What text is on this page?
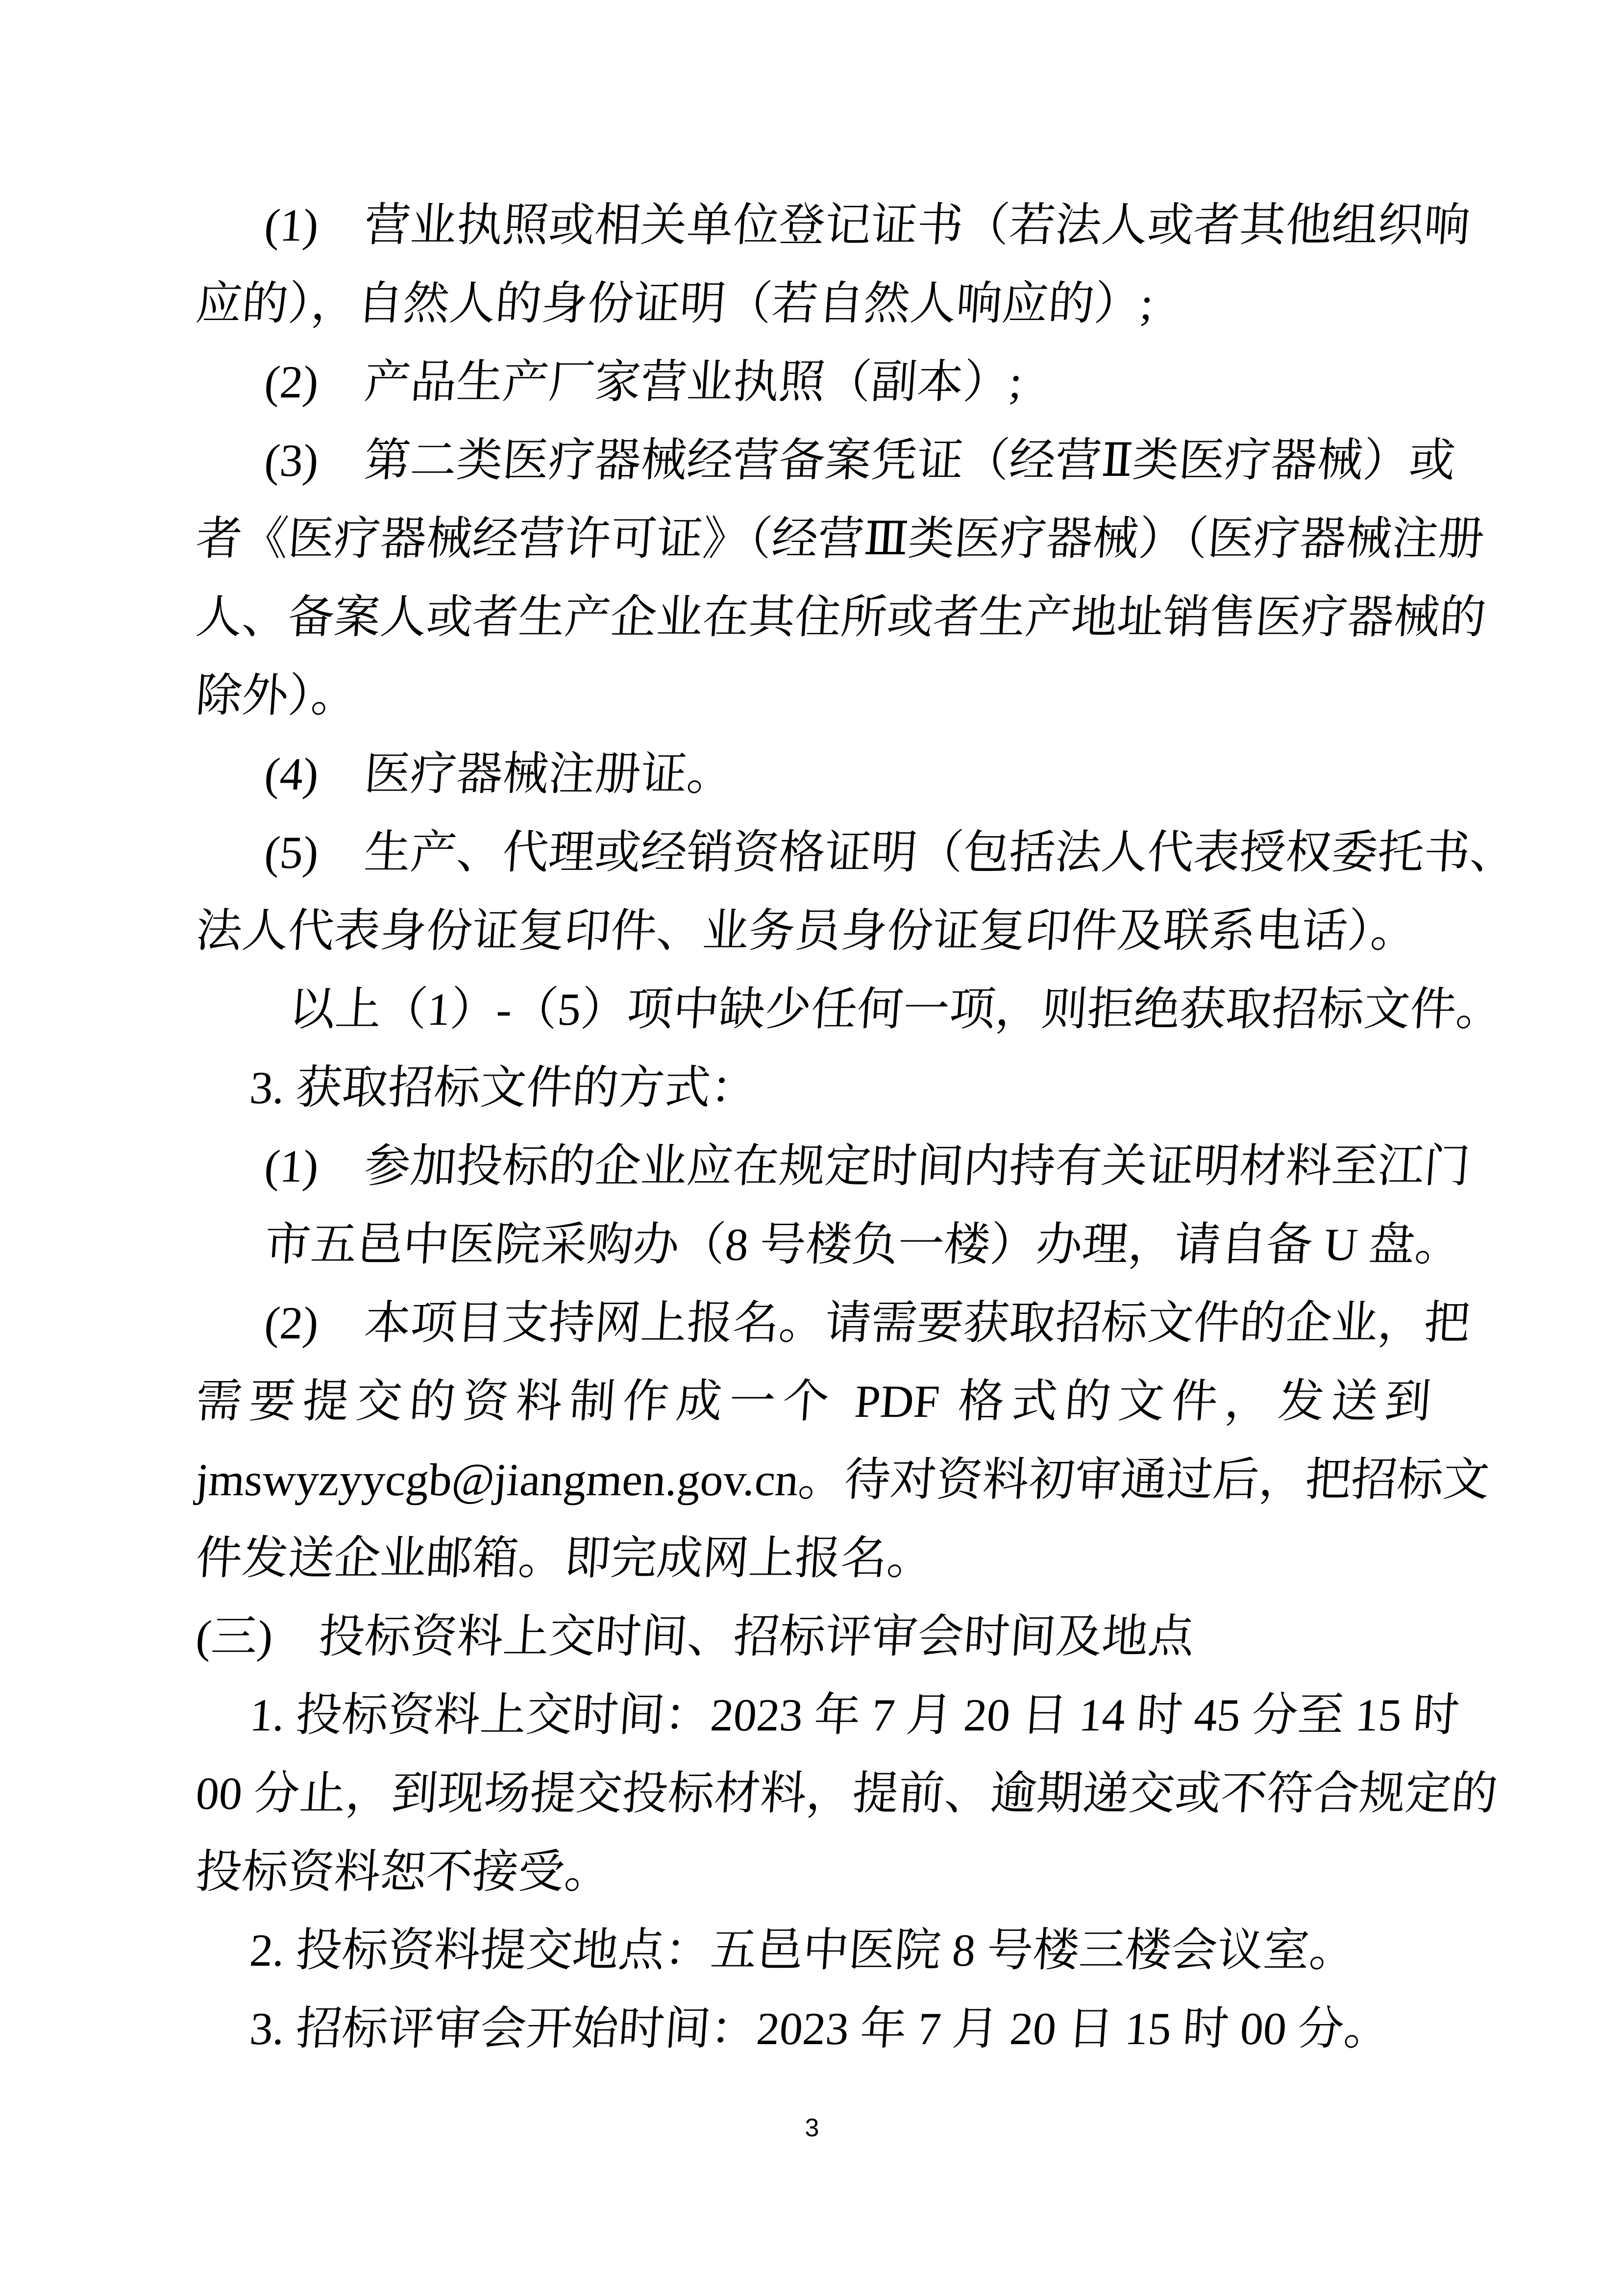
(1)　营业执照或相关单位登记证书（若法人或者其他组织响
应的），自然人的身份证明（若自然人响应的）;
(2)　产品生产厂家营业执照（副本）;
(3)　第二类医疗器械经营备案凭证（经营Ⅱ类医疗器械）或
者《医疗器械经营许可证》（经营Ⅲ类医疗器械）（医疗器械注册
人、备案人或者生产企业在其住所或者生产地址销售医疗器械的
除外）。
(4)　医疗器械注册证。
(5)　生产、代理或经销资格证明（包括法人代表授权委托书、
法人代表身份证复印件、业务员身份证复印件及联系电话）。
以上（1）-（5）项中缺少任何一项，则拒绝获取招标文件。
3. 获取招标文件的方式：
(1)　参加投标的企业应在规定时间内持有关证明材料至江门
市五邑中医院采购办（8 号楼负一楼）办理，请自备 U 盘。
(2)　本项目支持网上报名。请需要获取招标文件的企业，把
需要提交的资料制作成一个 PDF 格式的文件，发送到
jmswyzyycgb@jiangmen.gov.cn。待对资料初审通过后，把招标文
件发送企业邮箱。即完成网上报名。
(三)　投标资料上交时间、招标评审会时间及地点
1. 投标资料上交时间：2023 年 7 月 20 日 14 时 45 分至 15 时
00 分止，到现场提交投标材料，提前、逾期递交或不符合规定的
投标资料恕不接受。
2. 投标资料提交地点：五邑中医院 8 号楼三楼会议室。
3. 招标评审会开始时间：2023 年 7 月 20 日 15 时 00 分。
3
